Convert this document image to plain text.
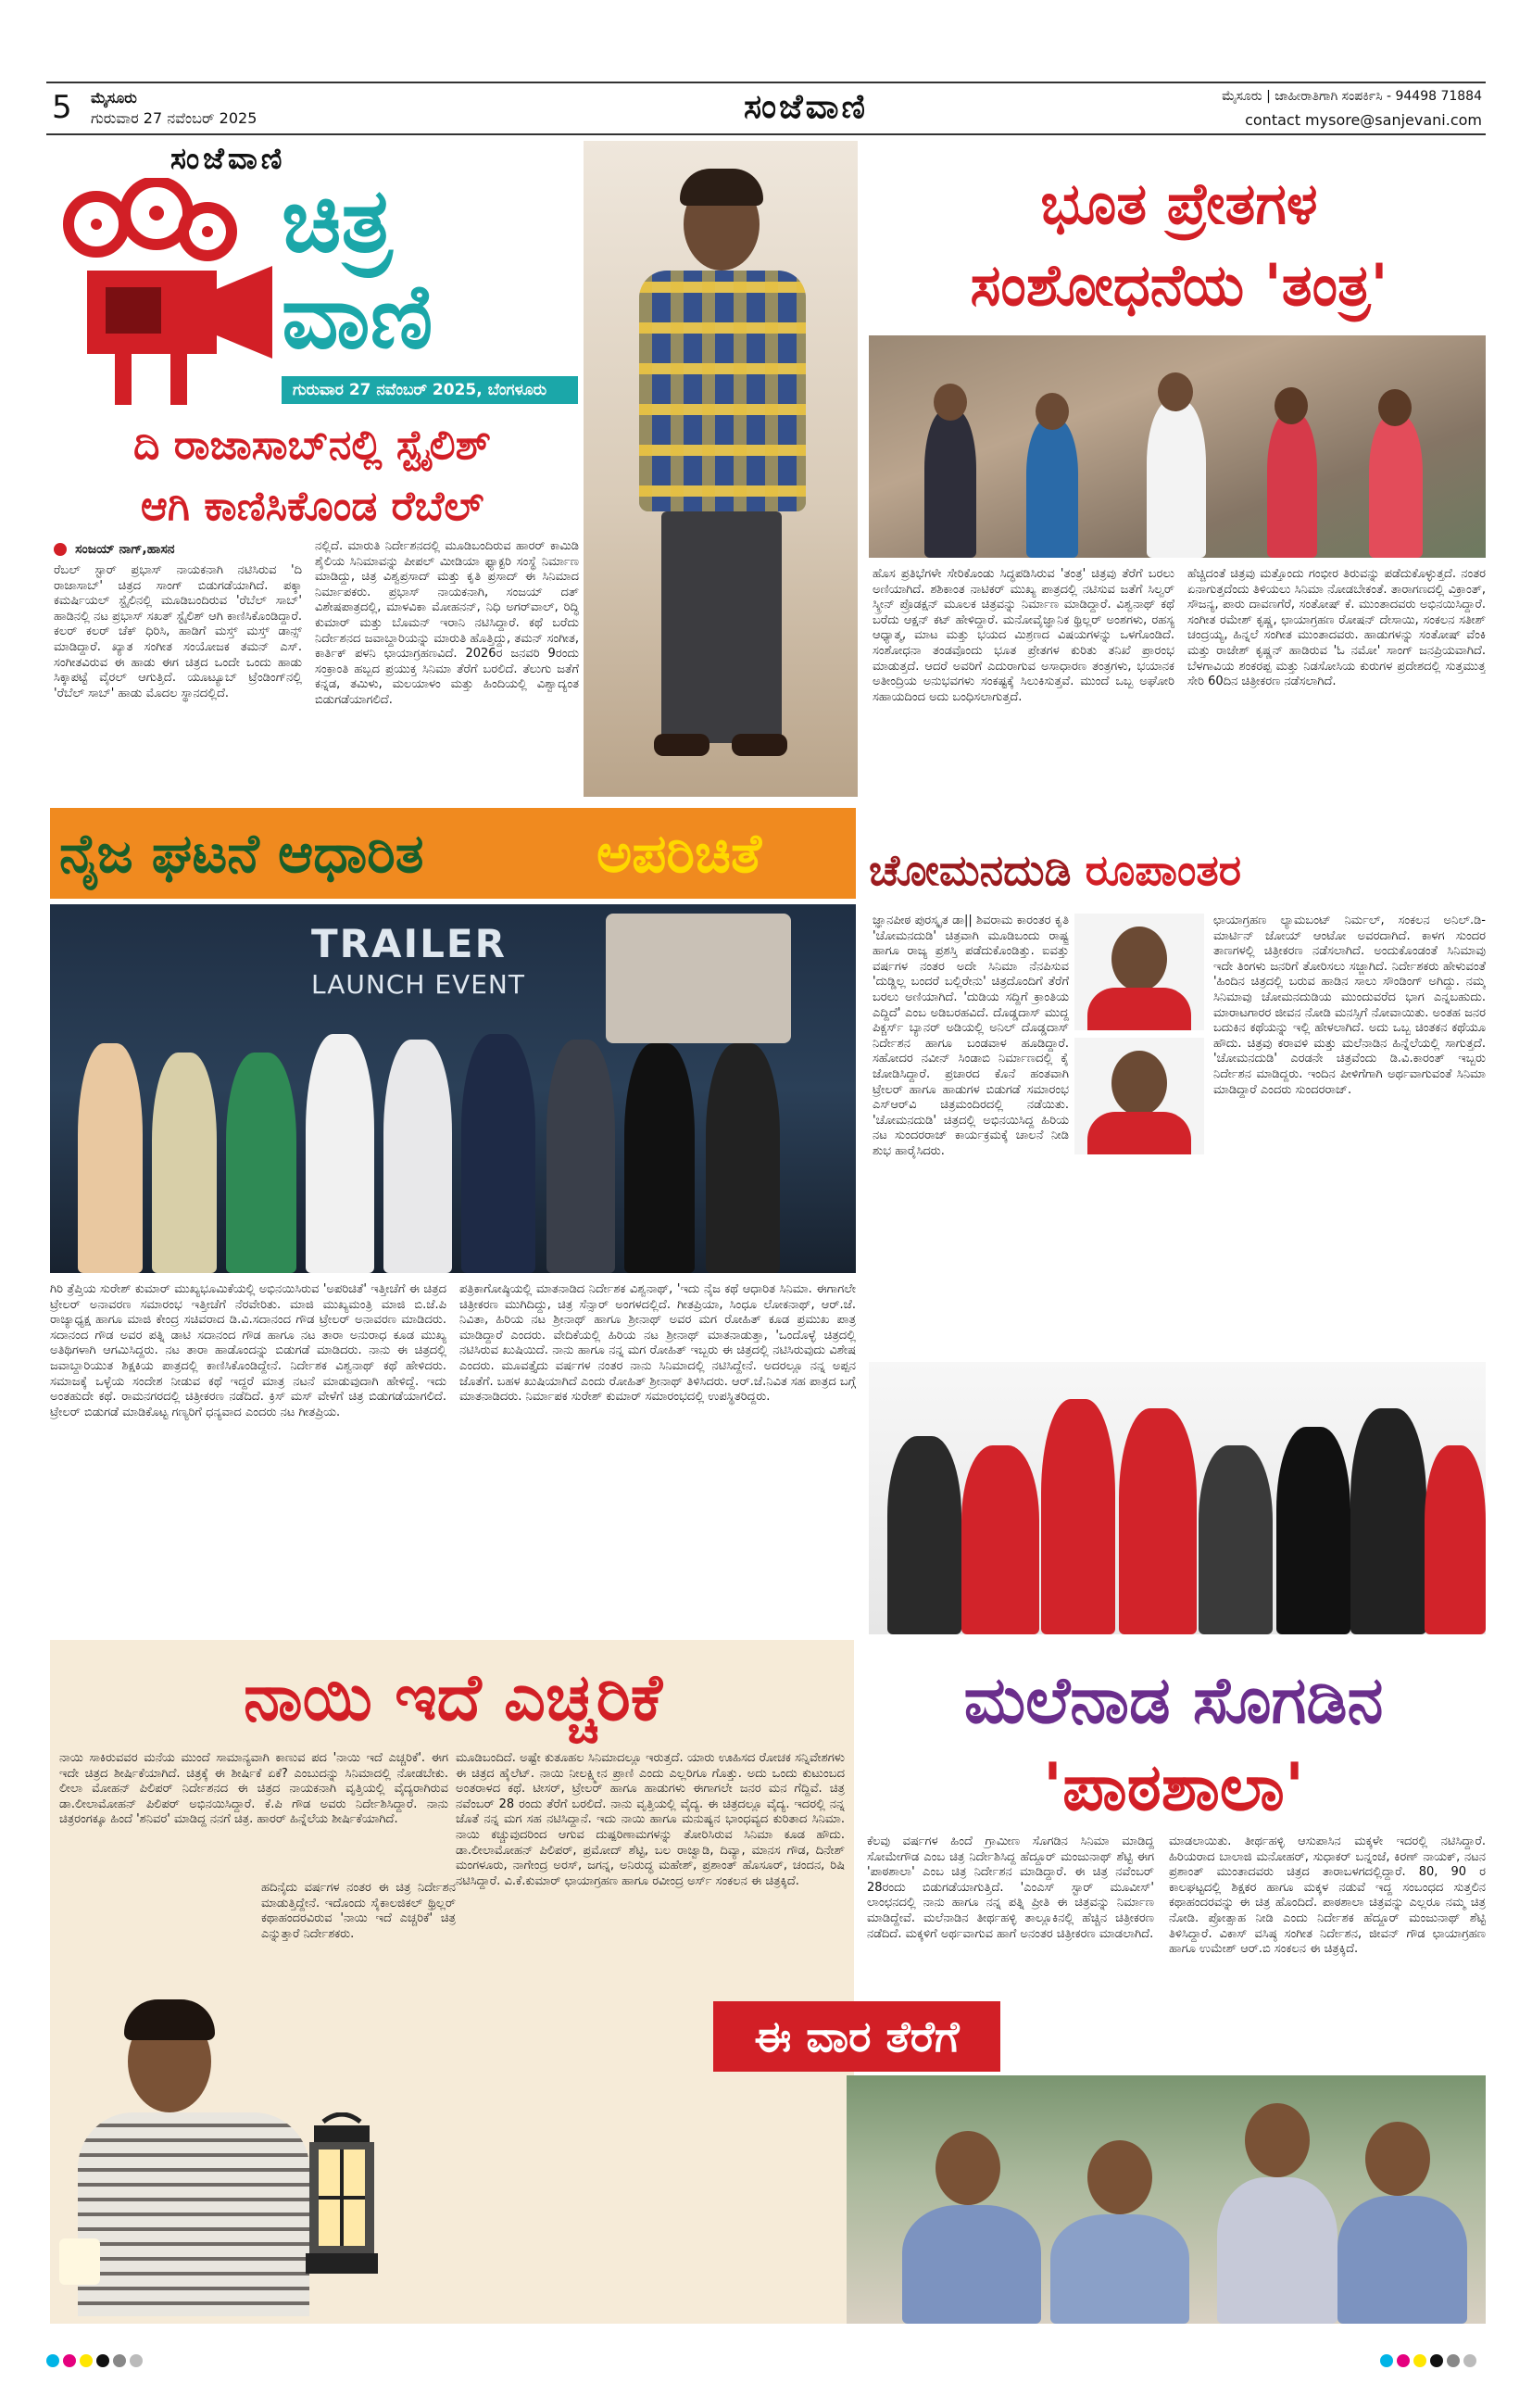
5 ಮೈಸೂರು
ಗುರುವಾರ 27 ನವೆಂಬರ್ 2025	ಸಂಜೆವಾಣಿ	ಮೈಸೂರು | ಜಾಹೀರಾತಿಗಾಗಿ ಸಂಪರ್ಕಿಸಿ - 94498 71884
contact mysore@sanjevani.com
ಸಂಜೆವಾಣಿ
ಚಿತ್ರ
ವಾಣಿ
ಗುರುವಾರ 27 ನವೆಂಬರ್ 2025, ಬೆಂಗಳೂರು
ದಿ ರಾಜಾಸಾಬ್‌ನಲ್ಲಿ ಸ್ಟೈಲಿಶ್
ಆಗಿ ಕಾಣಿಸಿಕೊಂಡ ರೆಬೆಲ್
ಸಂಜಯ್ ನಾಗ್,ಹಾಸನ
ರೆಬಲ್ ಸ್ಟಾರ್ ಪ್ರಭಾಸ್ ನಾಯಕನಾಗಿ ನಟಿಸಿರುವ 'ದಿ ರಾಜಾಸಾಬ್' ಚಿತ್ರದ ಸಾಂಗ್ ಬಿಡುಗಡೆಯಾಗಿದೆ. ಪಕ್ಕಾ ಕಮರ್ಷಿಯಲ್ ಸ್ಟೈಲಿನಲ್ಲಿ ಮೂಡಿಬಂದಿರುವ 'ರೆಬೆಲ್ ಸಾಬ್' ಹಾಡಿನಲ್ಲಿ ನಟ ಪ್ರಭಾಸ್ ಸಖತ್ ಸ್ಟೈಲಿಶ್ ಆಗಿ ಕಾಣಿಸಿಕೊಂಡಿದ್ದಾರೆ. ಕಲರ್ ಕಲರ್ ಚೆಕ್ ಧಿರಿಸಿ, ಹಾಡಿಗೆ ಮಸ್ತ್ ಮಸ್ತ್ ಡಾನ್ಸ್ ಮಾಡಿದ್ದಾರೆ. ಖ್ಯಾತ ಸಂಗೀತ ಸಂಯೋಜಕ ತಮನ್ ಎಸ್. ಸಂಗೀತವಿರುವ ಈ ಹಾಡು ಈಗ ಚಿತ್ರದ ಒಂದೇ ಒಂದು ಹಾಡು ಸಿಕ್ಕಾಪಟ್ಟೆ ವೈರಲ್ ಆಗುತ್ತಿದೆ. ಯೂಟ್ಯೂಬ್ ಟ್ರೆಂಡಿಂಗ್‌ನಲ್ಲಿ 'ರೆಬೆಲ್ ಸಾಬ್' ಹಾಡು ಮೊದಲ ಸ್ಥಾನದಲ್ಲಿದೆ.
ನಲ್ಲಿದೆ. ಮಾರುತಿ ನಿರ್ದೇಶನದಲ್ಲಿ ಮೂಡಿಬಂದಿರುವ ಹಾರರ್ ಕಾಮಿಡಿ ಶೈಲಿಯ ಸಿನಿಮಾವನ್ನು ಪೀಪಲ್ ಮೀಡಿಯಾ ಫ್ಯಾಕ್ಟರಿ ಸಂಸ್ಥೆ ನಿರ್ಮಾಣ ಮಾಡಿದ್ದು, ಚಿತ್ರ ವಿಶ್ವಪ್ರಸಾದ್ ಮತ್ತು ಕೃತಿ ಪ್ರಸಾದ್ ಈ ಸಿನಿಮಾದ ನಿರ್ಮಾಪಕರು. ಪ್ರಭಾಸ್ ನಾಯಕನಾಗಿ, ಸಂಜಯ್ ದತ್ ವಿಶೇಷಪಾತ್ರದಲ್ಲಿ, ಮಾಳವಿಕಾ ಮೋಹನನ್, ನಿಧಿ ಅಗರ್‌ವಾಲ್, ರಿದ್ಧಿ ಕುಮಾರ್ ಮತ್ತು ಬೊಮನ್ ಇರಾನಿ ನಟಿಸಿದ್ದಾರೆ. ಕಥೆ ಬರೆದು ನಿರ್ದೇಶನದ ಜವಾಬ್ದಾರಿಯನ್ನು ಮಾರುತಿ ಹೊತ್ತಿದ್ದು, ತಮನ್ ಸಂಗೀತ, ಕಾರ್ತಿಕ್ ಪಳನಿ ಛಾಯಾಗ್ರಹಣವಿದೆ. 2026ರ ಜನವರಿ 9ರಂದು ಸಂಕ್ರಾಂತಿ ಹಬ್ಬದ ಪ್ರಯುಕ್ತ ಸಿನಿಮಾ ತೆರೆಗೆ ಬರಲಿದೆ. ತೆಲುಗು ಜತೆಗೆ ಕನ್ನಡ, ತಮಿಳು, ಮಲಯಾಳಂ ಮತ್ತು ಹಿಂದಿಯಲ್ಲಿ ವಿಶ್ವಾದ್ಯಂತ ಬಿಡುಗಡೆಯಾಗಲಿದೆ.
ಭೂತ ಪ್ರೇತಗಳ
ಸಂಶೋಧನೆಯ 'ತಂತ್ರ'
ಹೊಸ ಪ್ರತಿಭೆಗಳೇ ಸೇರಿಕೊಂಡು ಸಿದ್ಧಪಡಿಸಿರುವ 'ತಂತ್ರ' ಚಿತ್ರವು ತೆರೆಗೆ ಬರಲು ಅಣಿಯಾಗಿದೆ. ಶಶಿಕಾಂತ ನಾಟಿಕರ್ ಮುಖ್ಯ ಪಾತ್ರದಲ್ಲಿ ನಟಿಸುವ ಜತೆಗೆ ಸಿಲ್ವರ್ ಸ್ಕ್ರೀನ್ ಪ್ರೊಡಕ್ಷನ್ ಮೂಲಕ ಚಿತ್ರವನ್ನು ನಿರ್ಮಾಣ ಮಾಡಿದ್ದಾರೆ. ವಿಶ್ವನಾಥ್ ಕಥೆ ಬರೆದು ಆಕ್ಷನ್ ಕಟ್ ಹೇಳಿದ್ದಾರೆ. ಮನೋವೈಜ್ಞಾನಿಕ ಥ್ರಿಲ್ಲರ್ ಅಂಶಗಳು, ರಹಸ್ಯ ಆಧ್ಯಾತ್ಮ, ಮಾಟ ಮತ್ತು ಭಯದ ಮಿಶ್ರಣದ ವಿಷಯಗಳನ್ನು ಒಳಗೊಂಡಿದೆ. ಸಂಶೋಧನಾ ತಂಡವೊಂದು ಭೂತ ಪ್ರೇತಗಳ ಕುರಿತು ತನಿಖೆ ಪ್ರಾರಂಭ ಮಾಡುತ್ತದೆ. ಆದರೆ ಅವರಿಗೆ ಎದುರಾಗುವ ಅಸಾಧಾರಣ ತಂತ್ರಗಳು, ಭಯಾನಕ ಅತೀಂದ್ರಿಯ ಅನುಭವಗಳು ಸಂಕಷ್ಟಕ್ಕೆ ಸಿಲುಕಿಸುತ್ತವೆ. ಮುಂದೆ ಒಬ್ಬ ಅಘೋರಿ ಸಹಾಯದಿಂದ ಅದು ಬಂಧಿಸಲಾಗುತ್ತದೆ.
ಹೆಚ್ಚಿದಂತೆ ಚಿತ್ರವು ಮತ್ತೊಂದು ಗಂಭೀರ ತಿರುವನ್ನು ಪಡೆದುಕೊಳ್ಳುತ್ತದೆ. ನಂತರ ಏನಾಗುತ್ತದೆಂದು ತಿಳಿಯಲು ಸಿನಿಮಾ ನೋಡಬೇಕಂತೆ. ತಾರಾಗಣದಲ್ಲಿ ವಿಕ್ರಾಂತ್, ಸೌಜನ್ಯ, ಪಾರು ದಾವಣಗೆರೆ, ಸಂತೋಷ್ ಕೆ. ಮುಂತಾದವರು ಅಭಿನಯಿಸಿದ್ದಾರೆ. ಸಂಗೀತ ರಮೇಶ್ ಕೃಷ್ಣ, ಛಾಯಾಗ್ರಹಣ ರೋಷನ್ ದೇಸಾಯಿ, ಸಂಕಲನ ಸತೀಶ್ ಚಂದ್ರಯ್ಯ, ಹಿನ್ನಲೆ ಸಂಗೀತ ಮುಂತಾದವರು. ಹಾಡುಗಳನ್ನು ಸಂತೋಷ್ ವೆಂಕಿ ಮತ್ತು ರಾಜೇಶ್ ಕೃಷ್ಣನ್ ಹಾಡಿರುವ 'ಓ ನಮೋ' ಸಾಂಗ್ ಜನಪ್ರಿಯವಾಗಿದೆ. ಬೆಳಗಾವಿಯ ಶಂಕರಪ್ಪ ಮತ್ತು ನಿಡಸೋಸಿಯ ಕುರುಗಳ ಪ್ರದೇಶದಲ್ಲಿ ಸುತ್ತಮುತ್ತ ಸೇರಿ 60ದಿನ ಚಿತ್ರೀಕರಣ ನಡೆಸಲಾಗಿದೆ.
ನೈಜ ಘಟನೆ ಆಧಾರಿತ	ಅಪರಿಚಿತೆ
TRAILER
LAUNCH EVENT
ಗಿರಿ ತ್ರೆಪ್ತಿಯ ಸುರೇಶ್ ಕುಮಾರ್ ಮುಖ್ಯಭೂಮಿಕೆಯಲ್ಲಿ ಅಭಿನಯಿಸಿರುವ 'ಅಪರಿಚಿತೆ' ಇತ್ತೀಚೆಗೆ ಈ ಚಿತ್ರದ ಟ್ರೇಲರ್ ಅನಾವರಣ ಸಮಾರಂಭ ಇತ್ತೀಚೆಗೆ ನೆರವೇರಿತು. ಮಾಜಿ ಮುಖ್ಯಮಂತ್ರಿ ಮಾಜಿ ಬಿ.ಜೆ.ಪಿ ರಾಜ್ಯಾಧ್ಯಕ್ಷ ಹಾಗೂ ಮಾಜಿ ಕೇಂದ್ರ ಸಚಿವರಾದ ಡಿ.ವಿ.ಸದಾನಂದ ಗೌಡ ಟ್ರೇಲರ್ ಅನಾವರಣ ಮಾಡಿದರು. ಸದಾನಂದ ಗೌಡ ಅವರ ಪತ್ನಿ ಡಾಟಿ ಸದಾನಂದ ಗೌಡ ಹಾಗೂ ನಟ ತಾರಾ ಅನುರಾಧ ಕೂಡ ಮುಖ್ಯ ಅತಿಥಿಗಳಾಗಿ ಆಗಮಿಸಿದ್ದರು. ನಟ ತಾರಾ ಹಾಡೊಂದನ್ನು ಬಿಡುಗಡೆ ಮಾಡಿದರು. ನಾನು ಈ ಚಿತ್ರದಲ್ಲಿ ಜವಾಬ್ದಾರಿಯುತ ಶಿಕ್ಷಕಿಯ ಪಾತ್ರದಲ್ಲಿ ಕಾಣಿಸಿಕೊಂಡಿದ್ದೇನೆ. ನಿರ್ದೇಶಕ ವಿಶ್ವನಾಥ್ ಕಥೆ ಹೇಳಿದರು. ಸಮಾಜಕ್ಕೆ ಒಳ್ಳೆಯ ಸಂದೇಶ ನೀಡುವ ಕಥೆ ಇದ್ದರೆ ಮಾತ್ರ ನಟನೆ ಮಾಡುವುದಾಗಿ ಹೇಳಿದ್ದೆ. ಇದು ಅಂತಹುದೇ ಕಥೆ. ರಾಮನಗರದಲ್ಲಿ ಚಿತ್ರೀಕರಣ ನಡೆದಿದೆ. ಕ್ರಿಸ್ ಮಸ್ ವೇಳೆಗೆ ಚಿತ್ರ ಬಿಡುಗಡೆಯಾಗಲಿದೆ. ಟ್ರೇಲರ್ ಬಿಡುಗಡೆ ಮಾಡಿಕೊಟ್ಟ ಗಣ್ಯರಿಗೆ ಧನ್ಯವಾದ ಎಂದರು ನಟ ಗೀತಪ್ರಿಯ.
ಪತ್ರಿಕಾಗೋಷ್ಠಿಯಲ್ಲಿ ಮಾತನಾಡಿದ ನಿರ್ದೇಶಕ ವಿಶ್ವನಾಥ್, 'ಇದು ನೈಜ ಕಥೆ ಆಧಾರಿತ ಸಿನಿಮಾ. ಈಗಾಗಲೇ ಚಿತ್ರೀಕರಣ ಮುಗಿದಿದ್ದು, ಚಿತ್ರ ಸೆನ್ಸಾರ್ ಅಂಗಳದಲ್ಲಿದೆ. ಗೀತಪ್ರಿಯಾ, ಸಿಂಧೂ ಲೋಕನಾಥ್, ಆರ್.ಜೆ. ನಿವಿತಾ, ಹಿರಿಯ ನಟ ಶ್ರೀನಾಥ್ ಹಾಗೂ ಶ್ರೀನಾಥ್ ಅವರ ಮಗ ರೋಹಿತ್ ಕೂಡ ಪ್ರಮುಖ ಪಾತ್ರ ಮಾಡಿದ್ದಾರೆ ಎಂದರು. ವೇದಿಕೆಯಲ್ಲಿ ಹಿರಿಯ ನಟ ಶ್ರೀನಾಥ್ ಮಾತನಾಡುತ್ತಾ, 'ಒಂದೊಳ್ಳೆ ಚಿತ್ರದಲ್ಲಿ ನಟಿಸಿರುವ ಖುಷಿಯಿದೆ. ನಾನು ಹಾಗೂ ನನ್ನ ಮಗ ರೋಹಿತ್ ಇಬ್ಬರು ಈ ಚಿತ್ರದಲ್ಲಿ ನಟಿಸಿರುವುದು ವಿಶೇಷ ಎಂದರು. ಮೂವತ್ತೈದು ವರ್ಷಗಳ ನಂತರ ನಾನು ಸಿನಿಮಾದಲ್ಲಿ ನಟಿಸಿದ್ದೇನೆ. ಅದರಲ್ಲೂ ನನ್ನ ಅಪ್ಪನ ಜೊತೆಗೆ. ಬಹಳ ಖುಷಿಯಾಗಿದೆ ಎಂದು ರೋಹಿತ್ ಶ್ರೀನಾಥ್ ತಿಳಿಸಿದರು. ಆರ್.ಜೆ.ನಿವಿತ ಸಹ ಪಾತ್ರದ ಬಗ್ಗೆ ಮಾತನಾಡಿದರು. ನಿರ್ಮಾಪಕ ಸುರೇಶ್ ಕುಮಾರ್ ಸಮಾರಂಭದಲ್ಲಿ ಉಪಸ್ಥಿತರಿದ್ದರು.
ಚೋಮನದುಡಿ ರೂಪಾಂತರ
ಜ್ಞಾನಪೀಠ ಪುರಸ್ಕೃತ ಡಾ|| ಶಿವರಾಮ ಕಾರಂತರ ಕೃತಿ 'ಚೋಮನದುಡಿ' ಚಿತ್ರವಾಗಿ ಮೂಡಿಬಂದು ರಾಷ್ಟ್ರ ಹಾಗೂ ರಾಜ್ಯ ಪ್ರಶಸ್ತಿ ಪಡೆದುಕೊಂಡಿತ್ತು. ಐವತ್ತು ವರ್ಷಗಳ ನಂತರ ಅದೇ ಸಿನಿಮಾ ನೆನಪಿಸುವ 'ದುಡ್ಡಿಲ್ಲ ಬಂದರೆ ಬಲ್ಲಿರೇನು' ಚಿತ್ರದೊಂದಿಗೆ ತೆರೆಗೆ ಬರಲು ಅಣಿಯಾಗಿದೆ. 'ದುಡಿಯ ಸದ್ದಿಗೆ ಕ್ರಾಂತಿಯ ಎದ್ದಿದೆ' ಎಂಬ ಅಡಿಬರಹವಿದೆ. ದೊಡ್ಡದಾಸ್ ಮುದ್ದ ಪಿಕ್ಚರ್ಸ್ ಬ್ಯಾನರ್ ಅಡಿಯಲ್ಲಿ ಅನಿಲ್ ದೊಡ್ಡದಾಸ್ ನಿರ್ದೇಶನ ಹಾಗೂ ಬಂಡವಾಳ ಹೂಡಿದ್ದಾರೆ. ಸಹೋದರ ನವೀನ್ ಸಿಂಡಾಬಿ ನಿರ್ಮಾಣದಲ್ಲಿ ಕೈ ಜೋಡಿಸಿದ್ದಾರೆ. ಪ್ರಚಾರದ ಕೊನೆ ಹಂತವಾಗಿ ಟ್ರೇಲರ್ ಹಾಗೂ ಹಾಡುಗಳ ಬಿಡುಗಡೆ ಸಮಾರಂಭ ಎಸ್‌ಆರ್‌ವಿ ಚಿತ್ರಮಂದಿರದಲ್ಲಿ ನಡೆಯಿತು. 'ಚೋಮನದುಡಿ' ಚಿತ್ರದಲ್ಲಿ ಅಭಿನಯಿಸಿದ್ದ ಹಿರಿಯ ನಟ ಸುಂದರರಾಜ್ ಕಾರ್ಯಕ್ರಮಕ್ಕೆ ಚಾಲನೆ ನೀಡಿ ಶುಭ ಹಾರೈಸಿದರು.
ಛಾಯಾಗ್ರಹಣ ಲ್ಯಾಮಬಂಟ್ ನಿರ್ಮಲ್, ಸಂಕಲನ ಅನಿಲ್.ಡಿ-ಮಾರ್ಟಿನ್ ಜೋಯ್ ಆಂಟೋ ಅವರದಾಗಿದೆ. ಕಾಳಗ ಸುಂದರ ತಾಣಗಳಲ್ಲಿ ಚಿತ್ರೀಕರಣ ನಡೆಸಲಾಗಿದೆ. ಅಂದುಕೊಂಡಂತೆ ಸಿನಿಮಾವು ಇದೇ ತಿಂಗಳು ಜನರಿಗೆ ತೋರಿಸಲು ಸಜ್ಜಾಗಿದೆ. ನಿರ್ದೇಶಕರು ಹೇಳುವಂತೆ 'ಹಿಂದಿನ ಚಿತ್ರದಲ್ಲಿ ಬರುವ ಹಾಡಿನ ಸಾಲು ಸೌಂಡಿಂಗ್ ಅಗಿದ್ದು. ನಮ್ಮ ಸಿನಿಮಾವು ಚೋಮನದುಡಿಯ ಮುಂದುವರೆದ ಭಾಗ ಎನ್ನಬಹುದು. ಮಾರಾಟಗಾರರ ಜೀವನ ನೋಡಿ ಮನಸ್ಸಿಗೆ ನೋವಾಯಿತು. ಅಂತಹ ಜನರ ಬದುಕಿನ ಕಥೆಯನ್ನು ಇಲ್ಲಿ ಹೇಳಲಾಗಿದೆ. ಅದು ಒಬ್ಬ ಚಿಂತಕನ ಕಥೆಯೂ ಹೌದು. ಚಿತ್ರವು ಕರಾವಳಿ ಮತ್ತು ಮಲೆನಾಡಿನ ಹಿನ್ನೆಲೆಯಲ್ಲಿ ಸಾಗುತ್ತದೆ. 'ಚೋಮನದುಡಿ' ಎರಡನೇ ಚಿತ್ರವೆಂದು ಡಿ.ವಿ.ಕಾರಂತ್ ಇಬ್ಬರು ನಿರ್ದೇಶನ ಮಾಡಿದ್ದರು. ಇಂದಿನ ಪೀಳಿಗೆಗಾಗಿ ಅರ್ಥವಾಗುವಂತೆ ಸಿನಿಮಾ ಮಾಡಿದ್ದಾರೆ ಎಂದರು ಸುಂದರರಾಜ್.
ನಾಯಿ ಇದೆ ಎಚ್ಚರಿಕೆ
ನಾಯಿ ಸಾಕಿರುವವರ ಮನೆಯ ಮುಂದೆ ಸಾಮಾನ್ಯವಾಗಿ ಕಾಣುವ ಪದ 'ನಾಯಿ ಇದೆ ಎಚ್ಚರಿಕೆ'. ಈಗ ಇದೇ ಚಿತ್ರದ ಶೀರ್ಷಿಕೆಯಾಗಿದೆ. ಚಿತ್ರಕ್ಕೆ ಈ ಶೀರ್ಷಿಕೆ ಏಕೆ? ಎಂಬುದನ್ನು ಸಿನಿಮಾದಲ್ಲಿ ನೋಡಬೇಕು. ಲೀಲಾ ಮೋಹನ್ ಪಿಲಿಪರ್ ನಿರ್ದೇಶನದ ಈ ಚಿತ್ರದ ನಾಯಕನಾಗಿ ವೃತ್ತಿಯಲ್ಲಿ ವೈದ್ಯರಾಗಿರುವ ಡಾ.ಲೀಲಾಮೋಹನ್ ಪಿಲಿಪರ್ ಅಭಿನಯಿಸಿದ್ದಾರೆ. ಕೆ.ಪಿ ಗೌಡ ಅವರು ನಿರ್ದೇಶಿಸಿದ್ದಾರೆ. ನಾನು ಚಿತ್ರರಂಗಕ್ಕೂ ಹಿಂದೆ 'ಶನಿವರ' ಮಾಡಿದ್ದ ನನಗೆ ಚಿತ್ರ. ಹಾರರ್ ಹಿನ್ನೆಲೆಯ ಶೀರ್ಷಿಕೆಯಾಗಿದೆ.
ಹದಿನೈದು ವರ್ಷಗಳ ನಂತರ ಈ ಚಿತ್ರ ನಿರ್ದೇಶನ ಮಾಡುತ್ತಿದ್ದೇನೆ. ಇದೊಂದು ಸೈಕಾಲಜಿಕಲ್ ಥ್ರಿಲ್ಲರ್ ಕಥಾಹಂದರವಿರುವ 'ನಾಯಿ ಇದೆ ಎಚ್ಚರಿಕೆ' ಚಿತ್ರ ಎನ್ನುತ್ತಾರೆ ನಿರ್ದೇಶಕರು.
ಮೂಡಿಬಂದಿದೆ. ಅಷ್ಟೇ ಕುತೂಹಲ ಸಿನಿಮಾದಲ್ಲೂ ಇರುತ್ತದೆ. ಯಾರು ಊಹಿಸದ ರೋಚಕ ಸನ್ನಿವೇಶಗಳು ಈ ಚಿತ್ರದ ಹೈಲೆಟ್. ನಾಯಿ ನೀಲಕ್ಷ್ಮೀನ ಪ್ರಾಣಿ ಎಂದು ಎಲ್ಲರಿಗೂ ಗೊತ್ತು. ಅದು ಒಂದು ಕುಟುಂಬದ ಅಂತರಾಳದ ಕಥೆ. ಟೀಸರ್, ಟ್ರೇಲರ್ ಹಾಗೂ ಹಾಡುಗಳು ಈಗಾಗಲೇ ಜನರ ಮನ ಗೆದ್ದಿವೆ. ಚಿತ್ರ ನವೆಂಬರ್ 28 ರಂದು ತೆರೆಗೆ ಬರಲಿದೆ. ನಾನು ವೃತ್ತಿಯಲ್ಲಿ ವೈದ್ಯ. ಈ ಚಿತ್ರದಲ್ಲೂ ವೈದ್ಯ. ಇದರಲ್ಲಿ ನನ್ನ ಜೊತೆ ನನ್ನ ಮಗ ಸಹ ನಟಿಸಿದ್ದಾನೆ. ಇದು ನಾಯಿ ಹಾಗೂ ಮನುಷ್ಯನ ಭಾಂಧವ್ಯದ ಕುರಿತಾದ ಸಿನಿಮಾ. ನಾಯಿ ಕಚ್ಚುವುದರಿಂದ ಆಗುವ ದುಷ್ಪರಿಣಾಮಗಳನ್ನು ತೋರಿಸಿರುವ ಸಿನಿಮಾ ಕೂಡ ಹೌದು. ಡಾ.ಲೀಲಾಮೋಹನ್ ಪಿಲಿಪರ್, ಪ್ರಮೋದ್ ಶೆಟ್ಟಿ, ಬಲ ರಾಜ್ವಾಡಿ, ದಿವ್ಯಾ, ಮಾನಸ ಗೌಡ, ದಿನೇಶ್ ಮಂಗಳೂರು, ನಾಗೇಂದ್ರ ಅರಸ್, ಜಗನ್ನ, ಅನಿರುದ್ಧ ಮಹೇಶ್, ಪ್ರಶಾಂತ್ ಹೊಸೂರ್, ಚಂದನ, ರಿಷಿ ನಟಿಸಿದ್ದಾರೆ. ವಿ.ಕೆ.ಕುಮಾರ್ ಛಾಯಾಗ್ರಹಣ ಹಾಗೂ ರವೀಂದ್ರ ಅರ್ಸ್ ಸಂಕಲನ ಈ ಚಿತ್ರಕ್ಕಿದೆ.
ಮಲೆನಾಡ ಸೊಗಡಿನ
'ಪಾಠಶಾಲಾ'
ಕೆಲವು ವರ್ಷಗಳ ಹಿಂದೆ ಗ್ರಾಮೀಣ ಸೊಗಡಿನ ಸಿನಿಮಾ ಮಾಡಿದ್ದ ಸೋಮೇಗೌಡ ಎಂಬ ಚಿತ್ರ ನಿರ್ದೇಶಿಸಿದ್ದ ಹೆದ್ದೂರ್ ಮಂಜುನಾಥ್ ಶೆಟ್ಟಿ ಈಗ 'ಪಾಠಶಾಲಾ' ಎಂಬ ಚಿತ್ರ ನಿರ್ದೇಶನ ಮಾಡಿದ್ದಾರೆ. ಈ ಚಿತ್ರ ನವೆಂಬರ್ 28ರಂದು ಬಿಡುಗಡೆಯಾಗುತ್ತಿದೆ. 'ಎಂಎಸ್ ಸ್ಟಾರ್ ಮೂವೀಸ್' ಲಾಂಛನದಲ್ಲಿ ನಾನು ಹಾಗೂ ನನ್ನ ಪತ್ನಿ ಪ್ರೀತಿ ಈ ಚಿತ್ರವನ್ನು ನಿರ್ಮಾಣ ಮಾಡಿದ್ದೇವೆ. ಮಲೆನಾಡಿನ ತೀರ್ಥಹಳ್ಳಿ ತಾಲ್ಲೂಕಿನಲ್ಲಿ ಹೆಚ್ಚಿನ ಚಿತ್ರೀಕರಣ ನಡೆದಿದೆ. ಮಕ್ಕಳಿಗೆ ಅರ್ಥವಾಗುವ ಹಾಗೆ ಅನಂತರ ಚಿತ್ರೀಕರಣ ಮಾಡಲಾಗಿದೆ.
ಮಾಡಲಾಯಿತು. ತೀರ್ಥಹಳ್ಳಿ ಆಸುಪಾಸಿನ ಮಕ್ಕಳೇ ಇದರಲ್ಲಿ ನಟಿಸಿದ್ದಾರೆ. ಹಿರಿಯರಾದ ಬಾಲಾಜಿ ಮನೋಹರ್, ಸುಧಾಕರ್ ಬನ್ನಂಜೆ, ಕಿರಣ್ ನಾಯಕ್, ನಟನ ಪ್ರಶಾಂತ್ ಮುಂತಾದವರು ಚಿತ್ರದ ತಾರಾಬಳಗದಲ್ಲಿದ್ದಾರೆ. 80, 90 ರ ಕಾಲಘಟ್ಟದಲ್ಲಿ ಶಿಕ್ಷಕರ ಹಾಗೂ ಮಕ್ಕಳ ನಡುವೆ ಇದ್ದ ಸಂಬಂಧದ ಸುತ್ತಲಿನ ಕಥಾಹಂದರವನ್ನು ಈ ಚಿತ್ರ ಹೊಂದಿದೆ. ಪಾಠಶಾಲಾ ಚಿತ್ರವನ್ನು ಎಲ್ಲರೂ ನಮ್ಮ ಚಿತ್ರ ನೋಡಿ. ಪ್ರೋತ್ಸಾಹ ನೀಡಿ ಎಂದು ನಿರ್ದೇಶಕ ಹೆದ್ದೂರ್ ಮಂಜುನಾಥ್ ಶೆಟ್ಟಿ ತಿಳಿಸಿದ್ದಾರೆ. ವಿಕಾಸ್ ವಸಿಷ್ಠ ಸಂಗೀತ ನಿರ್ದೇಶನ, ಜೀವನ್ ಗೌಡ ಛಾಯಾಗ್ರಹಣ ಹಾಗೂ ಉಮೇಶ್ ಆರ್.ಬಿ ಸಂಕಲನ ಈ ಚಿತ್ರಕ್ಕಿದೆ.
ಈ ವಾರ ತೆರೆಗೆ
